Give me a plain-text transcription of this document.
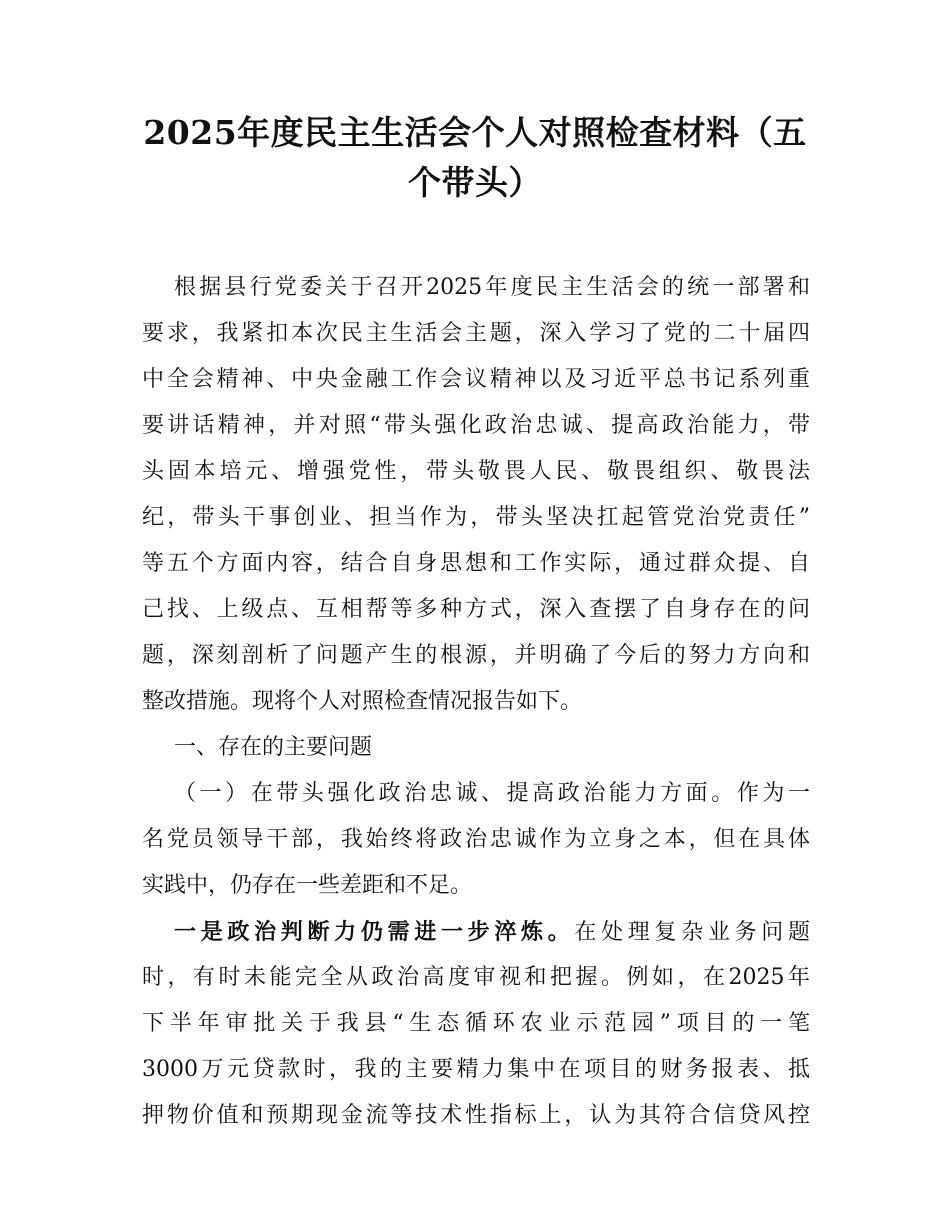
2025年度民主生活会个人对照检查材料（五
个带头）
根据县行党委关于召开2025年度民主生活会的统一部署和
要求，我紧扣本次民主生活会主题，深入学习了党的二十届四
中全会精神、中央金融工作会议精神以及习近平总书记系列重
要讲话精神，并对照“带头强化政治忠诚、提高政治能力，带
头固本培元、增强党性，带头敬畏人民、敬畏组织、敬畏法
纪，带头干事创业、担当作为，带头坚决扛起管党治党责任”
等五个方面内容，结合自身思想和工作实际，通过群众提、自
己找、上级点、互相帮等多种方式，深入查摆了自身存在的问
题，深刻剖析了问题产生的根源，并明确了今后的努力方向和
整改措施。现将个人对照检查情况报告如下。
一、存在的主要问题
（一）在带头强化政治忠诚、提高政治能力方面。作为一
名党员领导干部，我始终将政治忠诚作为立身之本，但在具体
实践中，仍存在一些差距和不足。
一是政治判断力仍需进一步淬炼。在处理复杂业务问题
时，有时未能完全从政治高度审视和把握。例如，在2025年
下半年审批关于我县“生态循环农业示范园”项目的一笔
3000万元贷款时，我的主要精力集中在项目的财务报表、抵
押物价值和预期现金流等技术性指标上，认为其符合信贷风控
